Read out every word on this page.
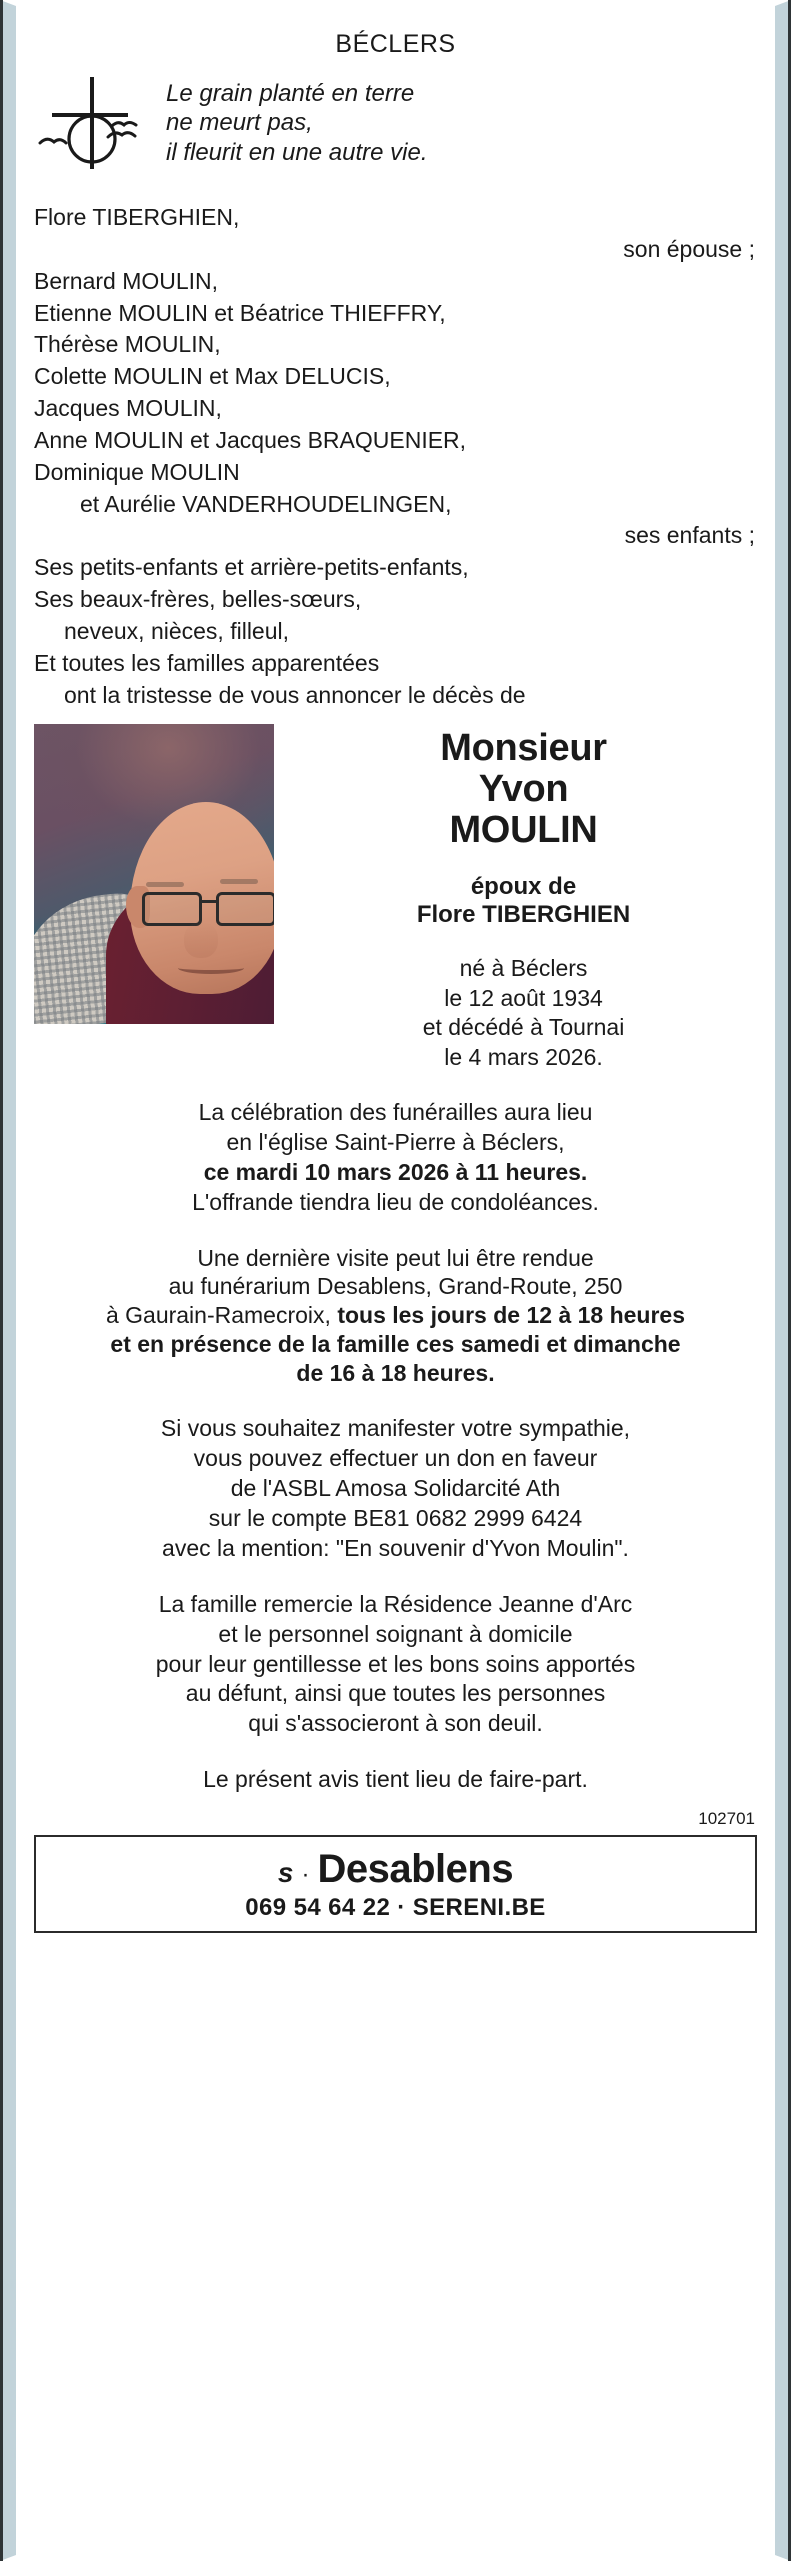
BÉCLERS
Le grain planté en terre
ne meurt pas,
il fleurit en une autre vie.
Flore TIBERGHIEN,
son épouse ;
Bernard MOULIN,
Etienne MOULIN et Béatrice THIEFFRY,
Thérèse MOULIN,
Colette MOULIN et Max DELUCIS,
Jacques MOULIN,
Anne MOULIN et Jacques BRAQUENIER,
Dominique MOULIN
et Aurélie VANDERHOUDELINGEN,
ses enfants ;
Ses petits-enfants et arrière-petits-enfants,
Ses beaux-frères, belles-sœurs,
neveux, nièces, filleul,
Et toutes les familles apparentées
ont la tristesse de vous annoncer le décès de
Monsieur
Yvon
MOULIN
époux de
Flore TIBERGHIEN
né à Béclers
le 12 août 1934
et décédé à Tournai
le 4 mars 2026.
La célébration des funérailles aura lieu
en l'église Saint-Pierre à Béclers,
ce mardi 10 mars 2026 à 11 heures.
L'offrande tiendra lieu de condoléances.
Une dernière visite peut lui être rendue
au funérarium Desablens, Grand-Route, 250
à Gaurain-Ramecroix, tous les jours de 12 à 18 heures
et en présence de la famille ces samedi et dimanche
de 16 à 18 heures.
Si vous souhaitez manifester votre sympathie,
vous pouvez effectuer un don en faveur
de l'ASBL Amosa Solidarcité Ath
sur le compte BE81 0682 2999 6424
avec la mention: "En souvenir d'Yvon Moulin".
La famille remercie la Résidence Jeanne d'Arc
et le personnel soignant à domicile
pour leur gentillesse et les bons soins apportés
au défunt, ainsi que toutes les personnes
qui s'associeront à son deuil.
Le présent avis tient lieu de faire-part.
102701
s · Desablens
069 54 64 22 · SERENI.BE
